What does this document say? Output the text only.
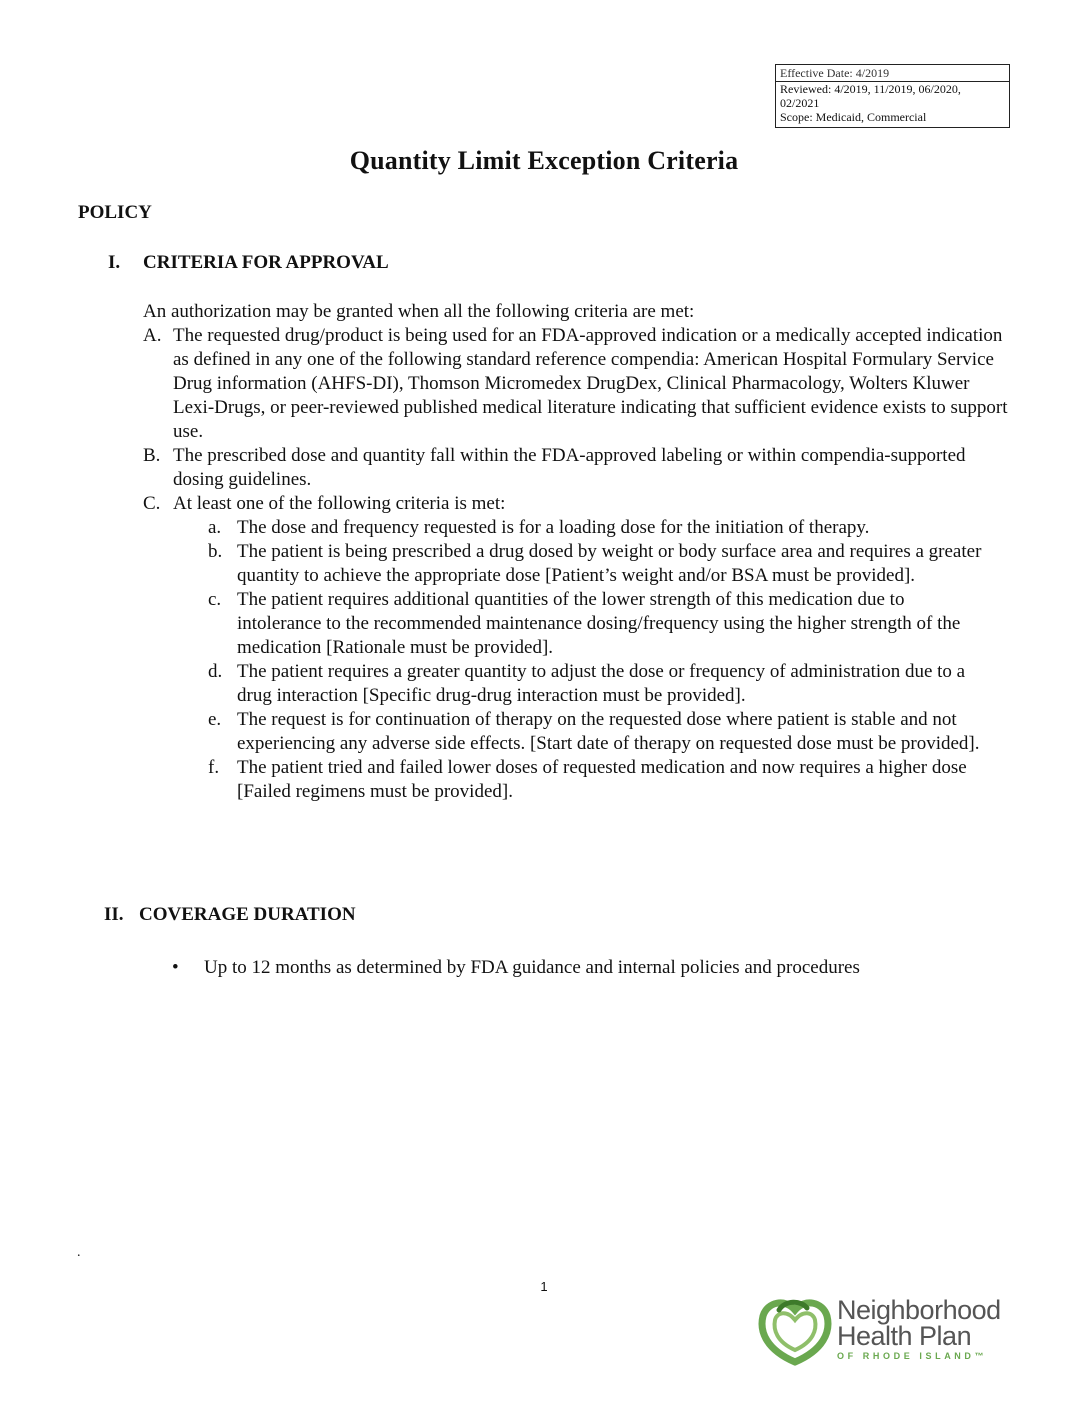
Effective Date: 4/2019
Reviewed: 4/2019, 11/2019, 06/2020,
02/2021
Scope: Medicaid, Commercial
Quantity Limit Exception Criteria
POLICY
I. CRITERIA FOR APPROVAL
An authorization may be granted when all the following criteria are met:
A. The requested drug/product is being used for an FDA-approved indication or a medically accepted indication as defined in any one of the following standard reference compendia: American Hospital Formulary Service Drug information (AHFS-DI), Thomson Micromedex DrugDex, Clinical Pharmacology, Wolters Kluwer Lexi-Drugs, or peer-reviewed published medical literature indicating that sufficient evidence exists to support use.
B. The prescribed dose and quantity fall within the FDA-approved labeling or within compendia-supported dosing guidelines.
C. At least one of the following criteria is met:
a. The dose and frequency requested is for a loading dose for the initiation of therapy.
b. The patient is being prescribed a drug dosed by weight or body surface area and requires a greater quantity to achieve the appropriate dose [Patient’s weight and/or BSA must be provided].
c. The patient requires additional quantities of the lower strength of this medication due to intolerance to the recommended maintenance dosing/frequency using the higher strength of the medication [Rationale must be provided].
d. The patient requires a greater quantity to adjust the dose or frequency of administration due to a drug interaction [Specific drug-drug interaction must be provided].
e. The request is for continuation of therapy on the requested dose where patient is stable and not experiencing any adverse side effects. [Start date of therapy on requested dose must be provided].
f. The patient tried and failed lower doses of requested medication and now requires a higher dose [Failed regimens must be provided].
II. COVERAGE DURATION
•	Up to 12 months as determined by FDA guidance and internal policies and procedures
.
1
Neighborhood
Health Plan
OF RHODE ISLAND™
